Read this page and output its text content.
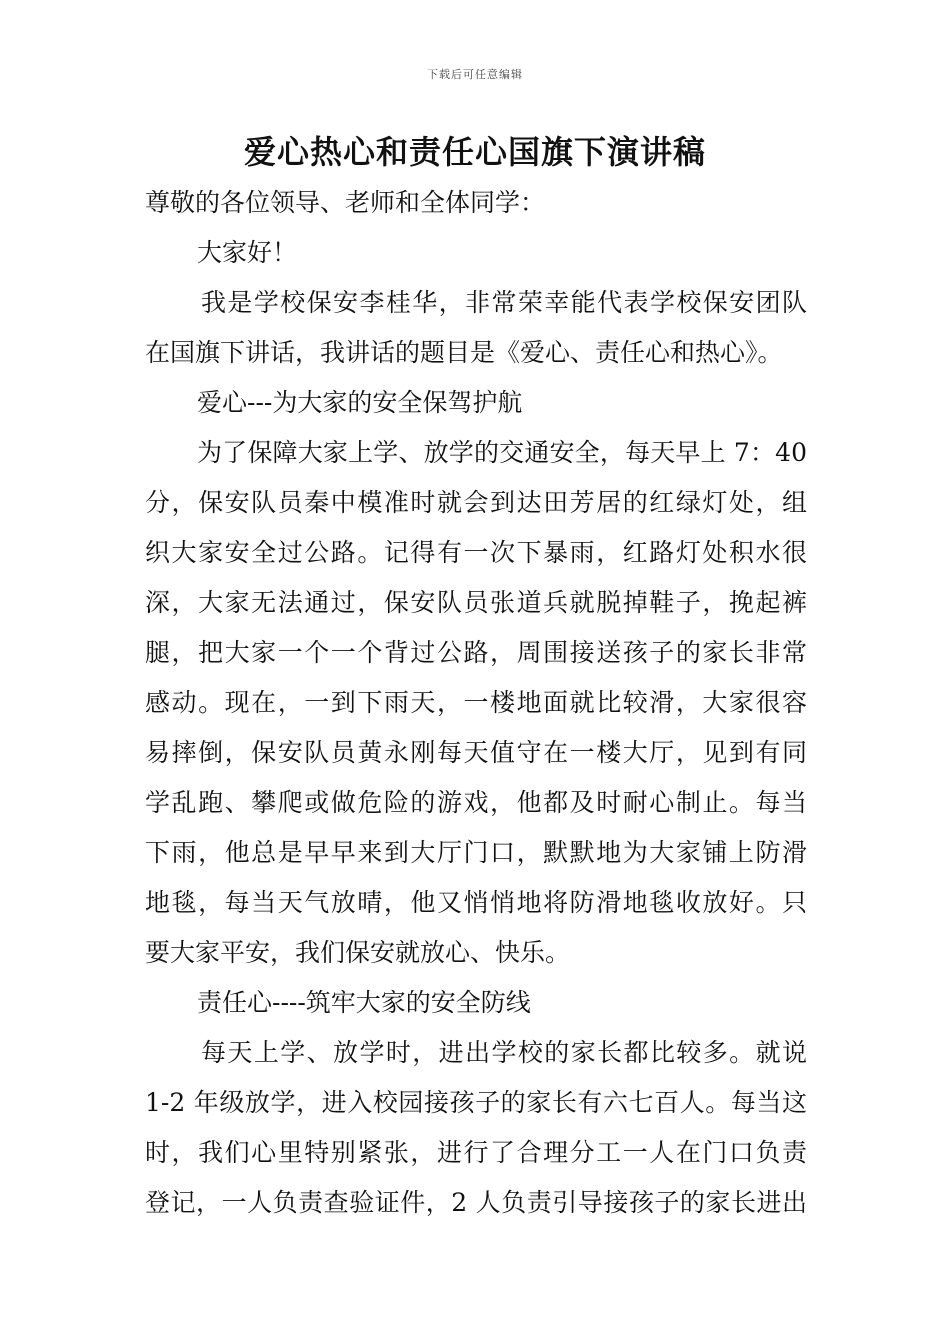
下载后可任意编辑
爱心热心和责任心国旗下演讲稿
尊敬的各位领导、老师和全体同学：
大家好！
我是学校保安李桂华，非常荣幸能代表学校保安团队
在国旗下讲话，我讲话的题目是《爱心、责任心和热心》。
爱心---为大家的安全保驾护航
为了保障大家上学、放学的交通安全，每天早上 7：40
分，保安队员秦中模准时就会到达田芳居的红绿灯处，组
织大家安全过公路。记得有一次下暴雨，红路灯处积水很
深，大家无法通过，保安队员张道兵就脱掉鞋子，挽起裤
腿，把大家一个一个背过公路，周围接送孩子的家长非常
感动。现在，一到下雨天，一楼地面就比较滑，大家很容
易摔倒，保安队员黄永刚每天值守在一楼大厅，见到有同
学乱跑、攀爬或做危险的游戏，他都及时耐心制止。每当
下雨，他总是早早来到大厅门口，默默地为大家铺上防滑
地毯，每当天气放晴，他又悄悄地将防滑地毯收放好。只
要大家平安，我们保安就放心、快乐。
责任心----筑牢大家的安全防线
每天上学、放学时，进出学校的家长都比较多。就说
1-2 年级放学，进入校园接孩子的家长有六七百人。每当这
时，我们心里特别紧张，进行了合理分工一人在门口负责
登记，一人负责查验证件，2 人负责引导接孩子的家长进出
